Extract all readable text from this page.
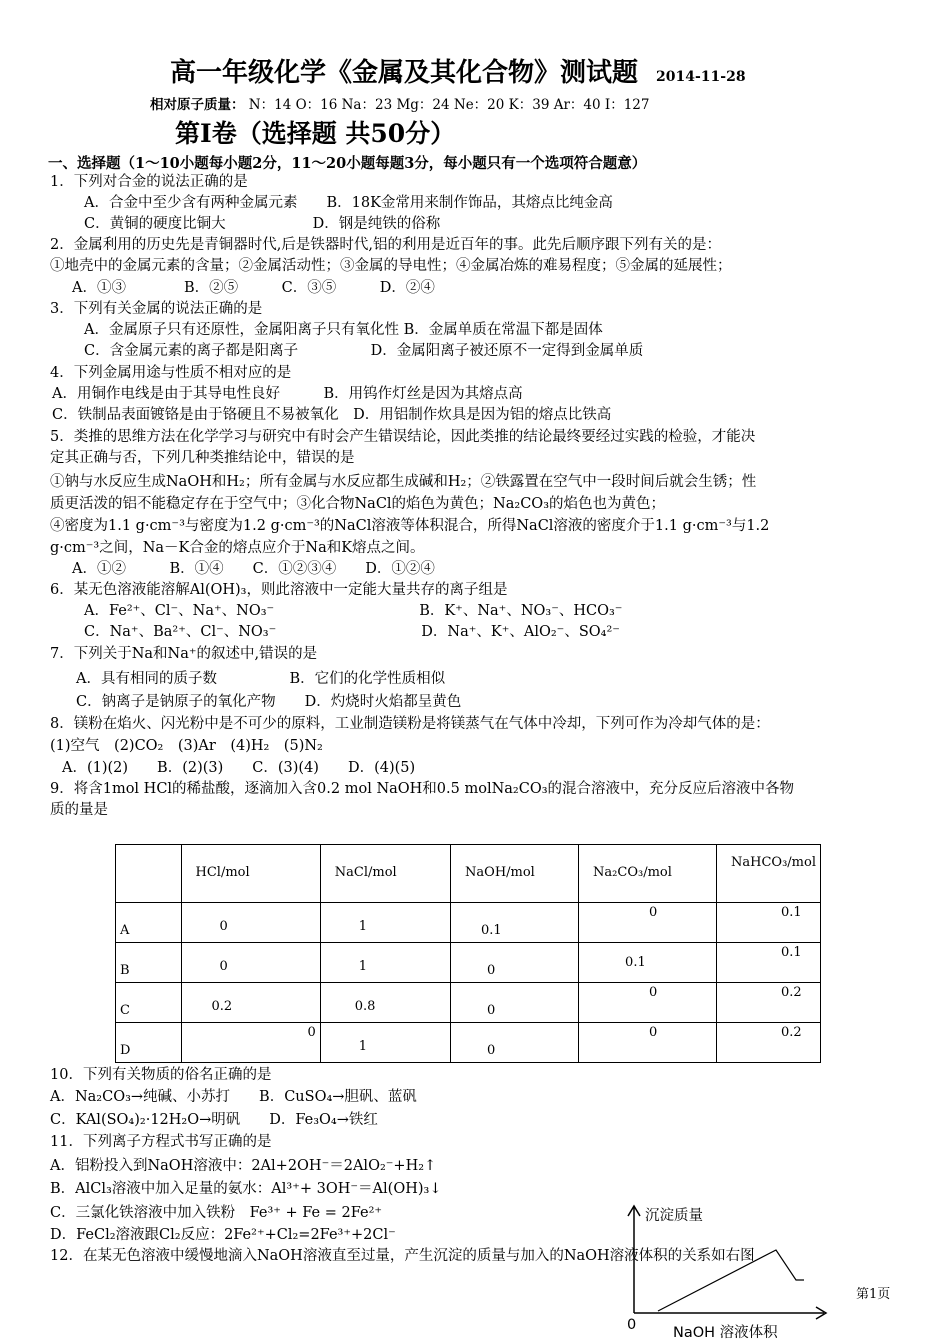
高一年级化学《金属及其化合物》测试题 2014-11-28
相对原子质量： N：14 O：16 Na：23 Mg：24 Ne：20 K：39 Ar：40 I：127
第Ⅰ卷（选择题 共50分）
一、选择题（1～10小题每小题2分，11～20小题每题3分，每小题只有一个选项符合题意）
1．下列对合金的说法正确的是
A．合金中至少含有两种金属元素　　B．18K金常用来制作饰品，其熔点比纯金高
C．黄铜的硬度比铜大　　　　　　D．钢是纯铁的俗称
2．金属利用的历史先是青铜器时代,后是铁器时代,铝的利用是近百年的事。此先后顺序跟下列有关的是：
①地壳中的金属元素的含量；②金属活动性；③金属的导电性；④金属冶炼的难易程度；⑤金属的延展性；
A．①③　　　　B．②⑤　　　C．③⑤　　　D．②④
3．下列有关金属的说法正确的是
A．金属原子只有还原性，金属阳离子只有氧化性 B．金属单质在常温下都是固体
C．含金属元素的离子都是阳离子　　　　　D．金属阳离子被还原不一定得到金属单质
4．下列金属用途与性质不相对应的是
A．用铜作电线是由于其导电性良好　　　B．用钨作灯丝是因为其熔点高
C．铁制品表面镀铬是由于铬硬且不易被氧化　D．用铝制作炊具是因为铝的熔点比铁高
5．类推的思维方法在化学学习与研究中有时会产生错误结论，因此类推的结论最终要经过实践的检验，才能决
定其正确与否，下列几种类推结论中，错误的是
①钠与水反应生成NaOH和H₂；所有金属与水反应都生成碱和H₂；②铁露置在空气中一段时间后就会生锈；性
质更活泼的铝不能稳定存在于空气中；③化合物NaCl的焰色为黄色；Na₂CO₃的焰色也为黄色；
④密度为1.1 g·cm⁻³与密度为1.2 g·cm⁻³的NaCl溶液等体积混合，所得NaCl溶液的密度介于1.1 g·cm⁻³与1.2
g·cm⁻³之间，Na－K合金的熔点应介于Na和K熔点之间。
A．①②　　　B．①④　　C．①②③④　　D．①②④
6．某无色溶液能溶解Al(OH)₃，则此溶液中一定能大量共存的离子组是
A．Fe²⁺、Cl⁻、Na⁺、NO₃⁻　　　　　　　　　　B．K⁺、Na⁺、NO₃⁻、HCO₃⁻
C．Na⁺、Ba²⁺、Cl⁻、NO₃⁻　　　　　　　　　　D．Na⁺、K⁺、AlO₂⁻、SO₄²⁻
7．下列关于Na和Na⁺的叙述中,错误的是
A．具有相同的质子数　　　　　B．它们的化学性质相似
C．钠离子是钠原子的氧化产物　　D．灼烧时火焰都呈黄色
8．镁粉在焰火、闪光粉中是不可少的原料，工业制造镁粉是将镁蒸气在气体中冷却，下列可作为冷却气体的是：
(1)空气　(2)CO₂　(3)Ar　(4)H₂　(5)N₂
A．(1)(2)　　B．(2)(3)　　C．(3)(4)　　D．(4)(5)
9．将含1mol HCl的稀盐酸，逐滴加入含0.2 mol NaOH和0.5 molNa₂CO₃的混合溶液中，充分反应后溶液中各物
质的量是
10．下列有关物质的俗名正确的是
A．Na₂CO₃→纯碱、小苏打　　B．CuSO₄→胆矾、蓝矾
C．KAl(SO₄)₂·12H₂O→明矾　　D．Fe₃O₄→铁红
11．下列离子方程式书写正确的是
A．铝粉投入到NaOH溶液中：2Al+2OH⁻＝2AlO₂⁻+H₂↑
B．AlCl₃溶液中加入足量的氨水：Al³⁺+ 3OH⁻＝Al(OH)₃↓
C．三氯化铁溶液中加入铁粉　Fe³⁺ + Fe = 2Fe²⁺
D．FeCl₂溶液跟Cl₂反应：2Fe²⁺+Cl₂=2Fe³⁺+2Cl⁻
12．在某无色溶液中缓慢地滴入NaOH溶液直至过量，产生沉淀的质量与加入的NaOH溶液体积的关系如右图
	HCl/mol	NaCl/mol	NaOH/mol	Na₂CO₃/mol	NaHCO₃/mol
A	0	1	0.1	0	0.1
B	0	1	0	0.1	0.1
C	0.2	0.8	0	0	0.2
D	0	1	0	0	0.2
第1页
沉淀质量
NaOH 溶液体积
0
